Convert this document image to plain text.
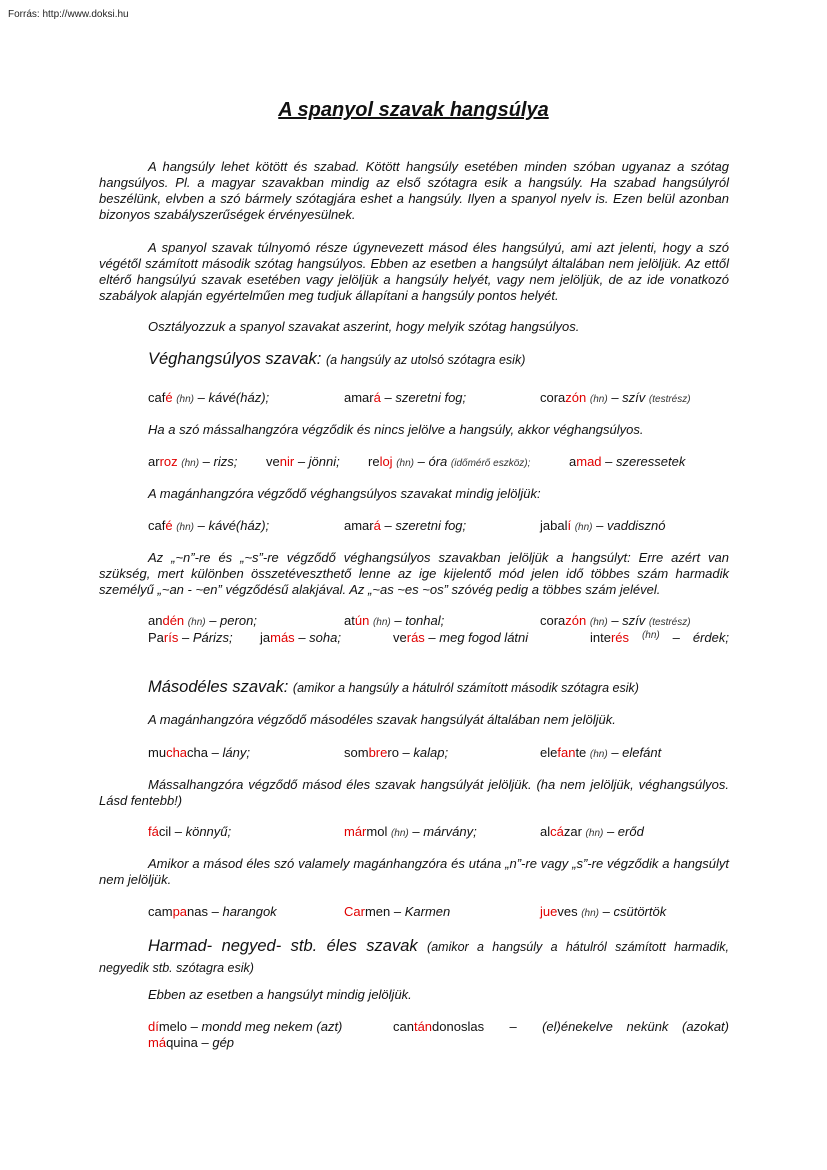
Forrás: http://www.doksi.hu
A spanyol szavak hangsúlya
A hangsúly lehet kötött és szabad. Kötött hangsúly esetében minden szóban ugyanaz a szótag hangsúlyos. Pl. a magyar szavakban mindig az első szótagra esik a hangsúly. Ha szabad hangsúlyról beszélünk, elvben a szó bármely szótagjára eshet a hangsúly. Ilyen a spanyol nyelv is. Ezen belül azonban bizonyos szabályszerűségek érvényesülnek.
A spanyol szavak túlnyomó része úgynevezett másod éles hangsúlyú, ami azt jelenti, hogy a szó végétől számított második szótag hangsúlyos. Ebben az esetben a hangsúlyt általában nem jelöljük. Az ettől eltérő hangsúlyú szavak esetében vagy jelöljük a hangsúly helyét, vagy nem jelöljük, de az ide vonatkozó szabályok alapján egyértelműen meg tudjuk állapítani a hangsúly pontos helyét.
Osztályozzuk a spanyol szavakat aszerint, hogy melyik szótag hangsúlyos.
Véghangsúlyos szavak: (a hangsúly az utolsó szótagra esik)
café (hn) – kávé(ház);	amará – szeretni fog;	corazón (hn) – szív (testrész)
Ha a szó mássalhangzóra végződik és nincs jelölve a hangsúly, akkor véghangsúlyos.
arroz (hn) – rizs; venir – jönni; reloj (hn) – óra (időmérő eszköz);	amad – szeressetek
A magánhangzóra végződő véghangsúlyos szavakat mindig jelöljük:
café (hn) – kávé(ház);	amará – szeretni fog;	jabalí (hn) – vaddisznó
Az „~n”-re és „~s”-re végződő véghangsúlyos szavakban jelöljük a hangsúlyt: Erre azért van szükség, mert különben összetéveszthető lenne az ige kijelentő mód jelen idő többes szám harmadik személyű „~an - ~en” végződésű alakjával. Az „~as ~es ~os” szóvég pedig a többes szám jelével.
andén (hn) – peron;	atún (hn) – tonhal;	corazón (hn) – szív (testrész)
París – Párizs; jamás – soha;	verás – meg fogod látni	interés (hn) – érdek;
Másodéles szavak: (amikor a hangsúly a hátulról számított második szótagra esik)
A magánhangzóra végződő másodéles szavak hangsúlyát általában nem jelöljük.
muchacha – lány;	sombrero – kalap;	elefante (hn) – elefánt
Mássalhangzóra végződő másod éles szavak hangsúlyát jelöljük. (ha nem jelöljük, véghangsúlyos. Lásd fentebb!)
fácil – könnyű;	mármol (hn) – márvány;	alcázar (hn) – erőd
Amikor a másod éles szó valamely magánhangzóra és utána „n”-re vagy „s”-re végződik a hangsúlyt nem jelöljük.
campanas – harangok	Carmen – Karmen	jueves (hn) – csütörtök
Harmad- negyed- stb. éles szavak (amikor a hangsúly a hátulról számított harmadik, negyedik stb. szótagra esik)
Ebben az esetben a hangsúlyt mindig jelöljük.
dímelo – mondd meg nekem (azt)	cantándonoslas – (el)énekelve nekünk (azokat)
máquina – gép
